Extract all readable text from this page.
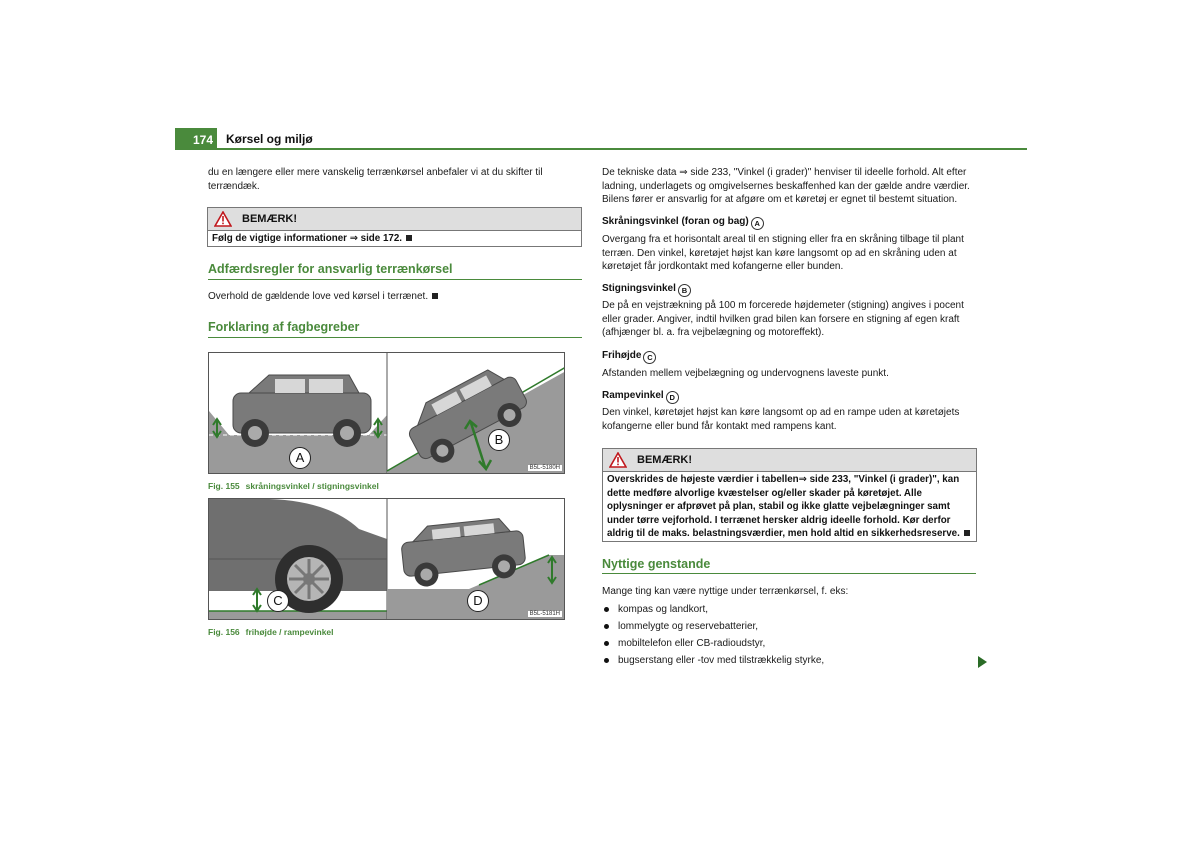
174	Kørsel og miljø

du en længere eller mere vanskelig terrænkørsel anbefaler vi at du skifter til terrændæk.

BEMÆRK!
Følg de vigtige informationer ⇒ side 172.
Adfærdsregler for ansvarlig terrænkørsel

Overhold de gældende love ved kørsel i terrænet.

Forklaring af fagbegreber
A
B
B5L-5180H
Fig. 155 skråningsvinkel / stigningsvinkel
C	D
B5L-5181H
Fig. 156 frihøjde / rampevinkel

De tekniske data ⇒ side 233, "Vinkel (i grader)" henviser til ideelle forhold. Alt efter ladning, underlagets og omgivelsernes beskaffenhed kan der gælde andre værdier. Bilens fører er ansvarlig for at afgøre om et køretøj er egnet til bestemt situation.

Skråningsvinkel (foran og bag) A

Overgang fra et horisontalt areal til en stigning eller fra en skråning tilbage til plant terræn. Den vinkel, køretøjet højst kan køre langsomt op ad en skråning uden at køretøjet får jordkontakt med kofangerne eller bunden.

Stigningsvinkel B

De på en vejstrækning på 100 m forcerede højdemeter (stigning) angives i pocent eller grader. Angiver, indtil hvilken grad bilen kan forsere en stigning af egen kraft (afhjænger bl. a. fra vejbelægning og motoreffekt).

Frihøjde C

Afstanden mellem vejbelægning og undervognens laveste punkt.

Rampevinkel D

Den vinkel, køretøjet højst kan køre langsomt op ad en rampe uden at køretøjets kofangerne eller bund får kontakt med rampens kant.

BEMÆRK!
Overskrides de højeste værdier i tabellen⇒ side 233, "Vinkel (i grader)", kan dette medføre alvorlige kvæstelser og/eller skader på køretøjet. Alle oplysninger er afprøvet på plan, stabil og ikke glatte vejbelægninger samt under tørre vejforhold. I terrænet hersker aldrig ideelle forhold. Kør derfor aldrig til de maks. belastningsværdier, men hold altid en sikkerhedsreserve.
Nyttige genstande

Mange ting kan være nyttige under terrænkørsel, f. eks:

kompas og landkort,
lommelygte og reservebatterier,
mobiltelefon eller CB-radioudstyr,
bugserstang eller -tov med tilstrækkelig styrke,
